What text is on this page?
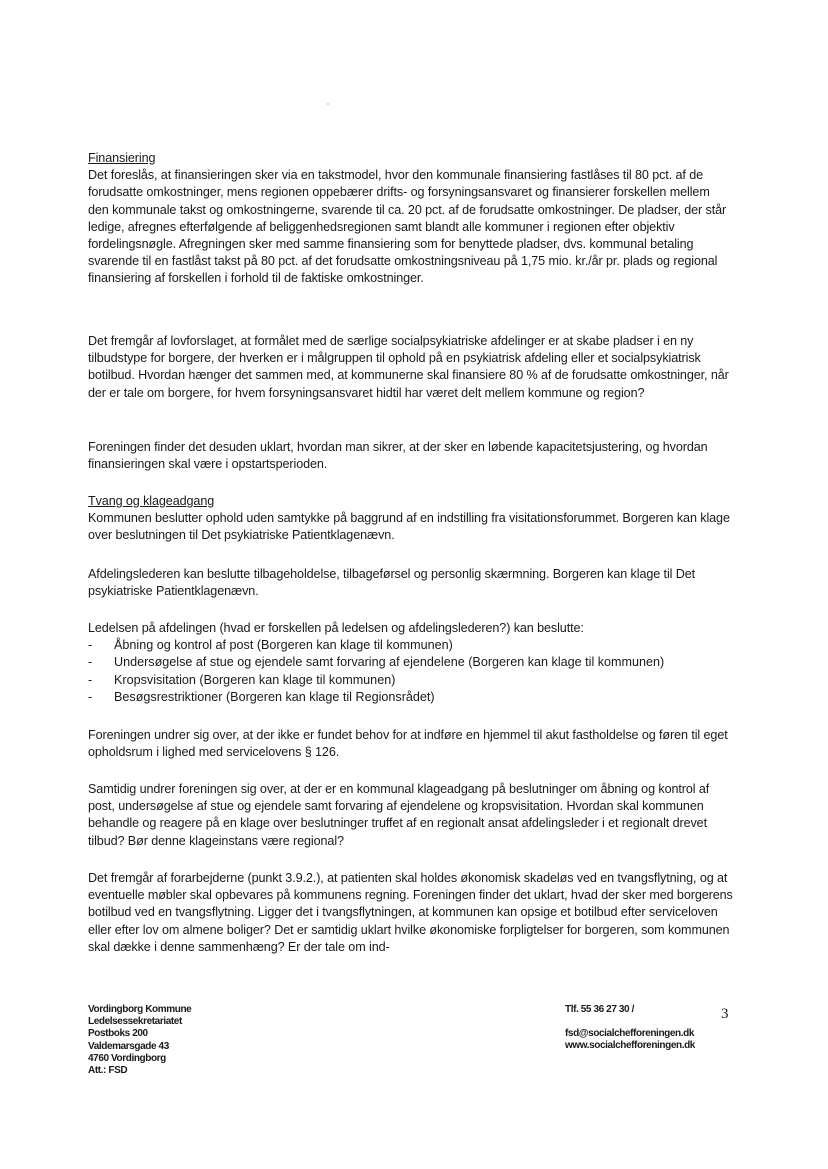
Finansiering
Det foreslås, at finansieringen sker via en takstmodel, hvor den kommunale finansiering fastlåses til 80 pct. af de forudsatte omkostninger, mens regionen oppebærer drifts- og forsyningsansvaret og finansierer forskellen mellem den kommunale takst og omkostningerne, svarende til ca. 20 pct. af de forudsatte omkostninger. De pladser, der står ledige, afregnes efterfølgende af beliggenhedsregionen samt blandt alle kommuner i regionen efter objektiv fordelingsnøgle. Afregningen sker med samme finansiering som for benyttede pladser, dvs. kommunal betaling svarende til en fastlåst takst på 80 pct. af det forudsatte omkostningsniveau på 1,75 mio. kr./år pr. plads og regional finansiering af forskellen i forhold til de faktiske omkostninger.

Det fremgår af lovforslaget, at formålet med de særlige socialpsykiatriske afdelinger er at skabe pladser i en ny tilbudstype for borgere, der hverken er i målgruppen til ophold på en psykiatrisk afdeling eller et socialpsykiatrisk botilbud. Hvordan hænger det sammen med, at kommunerne skal finansiere 80 % af de forudsatte omkostninger, når der er tale om borgere, for hvem forsyningsansvaret hidtil har været delt mellem kommune og region?

Foreningen finder det desuden uklart, hvordan man sikrer, at der sker en løbende kapacitetsjustering, og hvordan finansieringen skal være i opstartsperioden.

Tvang og klageadgang
Kommunen beslutter ophold uden samtykke på baggrund af en indstilling fra visitationsforummet. Borgeren kan klage over beslutningen til Det psykiatriske Patientklagenævn.

Afdelingslederen kan beslutte tilbageholdelse, tilbageførsel og personlig skærmning. Borgeren kan klage til Det psykiatriske Patientklagenævn.

Ledelsen på afdelingen (hvad er forskellen på ledelsen og afdelingslederen?) kan beslutte:

-	Åbning og kontrol af post (Borgeren kan klage til kommunen)
-	Undersøgelse af stue og ejendele samt forvaring af ejendelene (Borgeren kan klage til kommunen)
-	Kropsvisitation (Borgeren kan klage til kommunen)
-	Besøgsrestriktioner (Borgeren kan klage til Regionsrådet)

Foreningen undrer sig over, at der ikke er fundet behov for at indføre en hjemmel til akut fastholdelse og føren til eget opholdsrum i lighed med servicelovens § 126.

Samtidig undrer foreningen sig over, at der er en kommunal klageadgang på beslutninger om åbning og kontrol af post, undersøgelse af stue og ejendele samt forvaring af ejendelene og kropsvisitation. Hvordan skal kommunen behandle og reagere på en klage over beslutninger truffet af en regionalt ansat afdelingsleder i et regionalt drevet tilbud? Bør denne klageinstans være regional?

Det fremgår af forarbejderne (punkt 3.9.2.), at patienten skal holdes økonomisk skadeløs ved en tvangsflytning, og at eventuelle møbler skal opbevares på kommunens regning. Foreningen finder det uklart, hvad der sker med borgerens botilbud ved en tvangsflytning. Ligger det i tvangsflytningen, at kommunen kan opsige et botilbud efter serviceloven eller efter lov om almene boliger? Det er samtidig uklart hvilke økonomiske forpligtelser for borgeren, som kommunen skal dække i denne sammenhæng? Er der tale om ind-

Vordingborg Kommune
Ledelsessekretariatet
Postboks 200
Valdemarsgade 43
4760 Vordingborg
Att.: FSD
Tlf. 55 36 27 30 /
fsd@socialchefforeningen.dk
www.socialchefforeningen.dk
3
